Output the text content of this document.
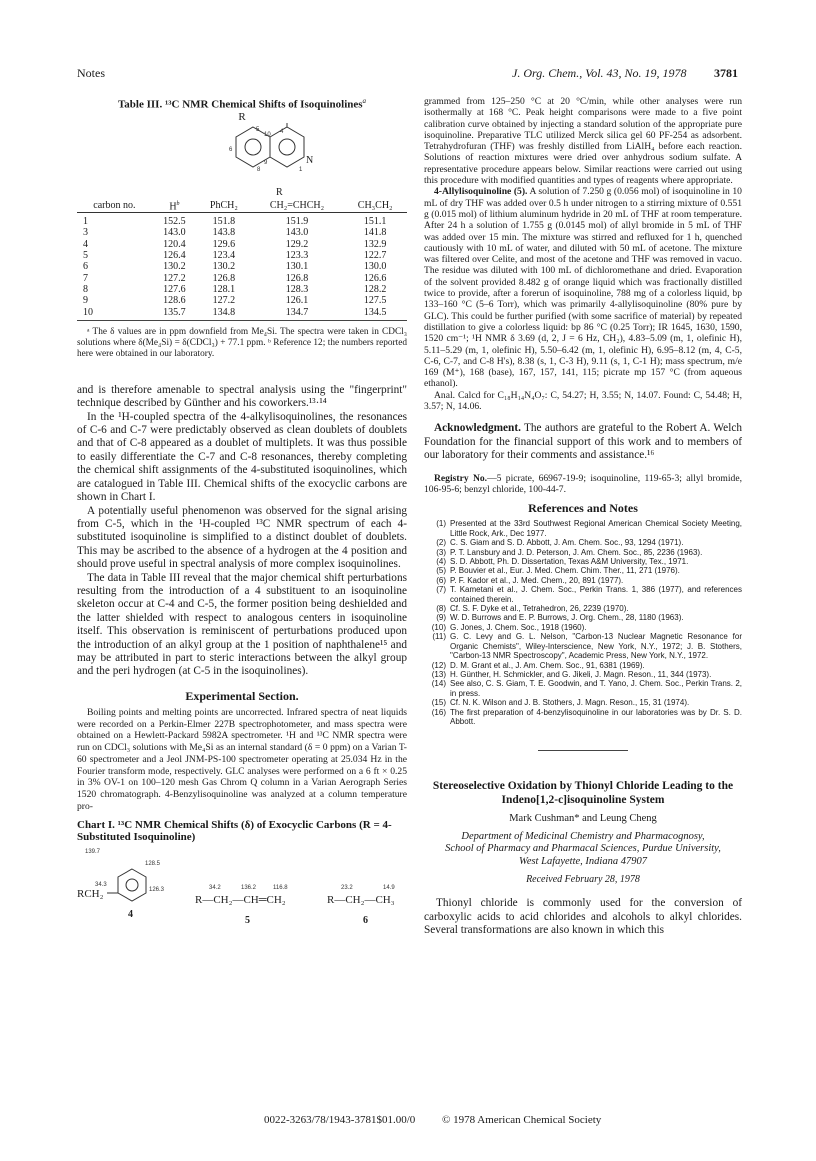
Notes	J. Org. Chem., Vol. 43, No. 19, 1978 3781
Table III. ¹³C NMR Chemical Shifts of Isoquinolines$^a$
R
4
5
6
8
10
9
1
N
	R			
carbon no.	$H^b$	PhCH₂	CH₂=CHCH₂	CH₃CH₂
1	152.5	151.8	151.9	151.1
3	143.0	143.8	143.0	141.8
4	120.4	129.6	129.2	132.9
5	126.4	123.4	123.3	122.7
6	130.2	130.2	130.1	130.0
7	127.2	126.8	126.8	126.6
8	127.6	128.1	128.3	128.2
9	128.6	127.2	126.1	127.5
10	135.7	134.8	134.7	134.5
ᵃ The δ values are in ppm downfield from Me₄Si. The spectra were taken in CDCl₃ solutions where δ(Me₄Si) = δ(CDCl₃) + 77.1 ppm. ᵇ Reference 12; the numbers reported here were obtained in our laboratory.

and is therefore amenable to spectral analysis using the "fingerprint" technique described by Günther and his coworkers.¹³·¹⁴

In the ¹H-coupled spectra of the 4-alkylisoquinolines, the resonances of C-6 and C-7 were predictably observed as clean doublets of doublets and that of C-8 appeared as a doublet of multiplets. It was thus possible to easily differentiate the C-7 and C-8 resonances, thereby completing the chemical shift assignments of the 4-substituted isoquinolines, which are catalogued in Table III. Chemical shifts of the exocyclic carbons are shown in Chart I.

A potentially useful phenomenon was observed for the signal arising from C-5, which in the ¹H-coupled ¹³C NMR spectrum of each 4-substituted isoquinoline is simplified to a distinct doublet of doublets. This may be ascribed to the absence of a hydrogen at the 4 position and should prove useful in spectral analysis of more complex isoquinolines.

The data in Table III reveal that the major chemical shift perturbations resulting from the introduction of a 4 substituent to an isoquinoline skeleton occur at C-4 and C-5, the former position being deshielded and the latter shielded with respect to analogous centers in isoquinoline itself. This observation is reminiscent of perturbations produced upon the introduction of an alkyl group at the 1 position of naphthalene¹⁵ and may be attributed in part to steric interactions between the alkyl group and the peri hydrogen (at C-5 in the isoquinolines).

Experimental Section.

Boiling points and melting points are uncorrected. Infrared spectra of neat liquids were recorded on a Perkin-Elmer 227B spectrophotometer, and mass spectra were obtained on a Hewlett-Packard 5982A spectrometer. ¹H and ¹³C NMR spectra were run on CDCl₃ solutions with Me₄Si as an internal standard (δ = 0 ppm) on a Varian T-60 spectrometer and a Jeol JNM-PS-100 spectrometer operating at 25.034 Hz in the Fourier transform mode, respectively. GLC analyses were performed on a 6 ft × 0.25 in 3% OV-1 on 100–120 mesh Gas Chrom Q column in a Varian Aerograph Series 1520 chromatograph. 4-Benzylisoquinoline was analyzed at a column temperature pro-

Chart I. ¹³C NMR Chemical Shifts (δ) of Exocyclic Carbons (R = 4-Substituted Isoquinoline)
139.7
128.5
34.3
126.3
RCH₂
4
34.2	136.2	116.8
R—CH₂—CH═CH₂
5
23.2	14.9
R—CH₂—CH₃
6

grammed from 125–250 °C at 20 °C/min, while other analyses were run isothermally at 168 °C. Peak height comparisons were made to a five point calibration curve obtained by injecting a standard solution of the appropriate pure isoquinoline. Preparative TLC utilized Merck silica gel 60 PF-254 as adsorbent. Tetrahydrofuran (THF) was freshly distilled from LiAlH₄ before each reaction. Solutions of reaction mixtures were dried over anhydrous sodium sulfate. A representative procedure appears below. Similar reactions were carried out using this procedure with modified quantities and types of reagents where appropriate.

4-Allylisoquinoline (5). A solution of 7.250 g (0.056 mol) of isoquinoline in 10 mL of dry THF was added over 0.5 h under nitrogen to a stirring mixture of 0.551 g (0.015 mol) of lithium aluminum hydride in 20 mL of THF at room temperature. After 24 h a solution of 1.755 g (0.0145 mol) of allyl bromide in 5 mL of THF was added over 15 min. The mixture was stirred and refluxed for 1 h, quenched cautiously with 10 mL of water, and diluted with 50 mL of acetone. The mixture was filtered over Celite, and most of the acetone and THF was removed in vacuo. The residue was diluted with 100 mL of dichloromethane and dried. Evaporation of the solvent provided 8.482 g of orange liquid which was fractionally distilled twice to provide, after a forerun of isoquinoline, 788 mg of a colorless liquid, bp 133–160 °C (5–6 Torr), which was primarily 4-allylisoquinoline (80% pure by GLC). This could be further purified (with some sacrifice of material) by repeated distillation to give a colorless liquid: bp 86 °C (0.25 Torr); IR 1645, 1630, 1590, 1520 cm⁻¹; ¹H NMR δ 3.69 (d, 2, J = 6 Hz, CH₂), 4.83–5.09 (m, 1, olefinic H), 5.11–5.29 (m, 1, olefinic H), 5.50–6.42 (m, 1, olefinic H), 6.95–8.12 (m, 4, C-5, C-6, C-7, and C-8 H's), 8.38 (s, 1, C-3 H), 9.11 (s, 1, C-1 H); mass spectrum, m/e 169 (M⁺), 168 (base), 167, 157, 141, 115; picrate mp 157 °C (from aqueous ethanol).

Anal. Calcd for C₁₈H₁₄N₄O₇: C, 54.27; H, 3.55; N, 14.07. Found: C, 54.48; H, 3.57; N, 14.06.

Acknowledgment. The authors are grateful to the Robert A. Welch Foundation for the financial support of this work and to members of our laboratory for their comments and assistance.¹⁶

Registry No.—5 picrate, 66967-19-9; isoquinoline, 119-65-3; allyl bromide, 106-95-6; benzyl chloride, 100-44-7.

References and Notes
(1) Presented at the 33rd Southwest Regional American Chemical Society Meeting, Little Rock, Ark., Dec 1977.
(2) C. S. Giam and S. D. Abbott, J. Am. Chem. Soc., 93, 1294 (1971).
(3) P. T. Lansbury and J. D. Peterson, J. Am. Chem. Soc., 85, 2236 (1963).
(4) S. D. Abbott, Ph. D. Dissertation, Texas A&M University, Tex., 1971.
(5) P. Bouvier et al., Eur. J. Med. Chem. Chim. Ther., 11, 271 (1976).
(6) P. F. Kador et al., J. Med. Chem., 20, 891 (1977).
(7) T. Kametani et al., J. Chem. Soc., Perkin Trans. 1, 386 (1977), and references contained therein.
(8) Cf. S. F. Dyke et al., Tetrahedron, 26, 2239 (1970).
(9) W. D. Burrows and E. P. Burrows, J. Org. Chem., 28, 1180 (1963).
(10) G. Jones, J. Chem. Soc., 1918 (1960).
(11) G. C. Levy and G. L. Nelson, "Carbon-13 Nuclear Magnetic Resonance for Organic Chemists", Wiley-Interscience, New York, N.Y., 1972; J. B. Stothers, "Carbon-13 NMR Spectroscopy", Academic Press, New York, N.Y., 1972.
(12) D. M. Grant et al., J. Am. Chem. Soc., 91, 6381 (1969).
(13) H. Günther, H. Schmickler, and G. Jikeli, J. Magn. Reson., 11, 344 (1973).
(14) See also, C. S. Giam, T. E. Goodwin, and T. Yano, J. Chem. Soc., Perkin Trans. 2, in press.
(15) Cf. N. K. Wilson and J. B. Stothers, J. Magn. Reson., 15, 31 (1974).
(16) The first preparation of 4-benzylisoquinoline in our laboratories was by Dr. S. D. Abbott.
Stereoselective Oxidation by Thionyl Chloride Leading to the Indeno[1,2-c]isoquinoline System
Mark Cushman* and Leung Cheng
Department of Medicinal Chemistry and Pharmacognosy,
School of Pharmacy and Pharmacal Sciences, Purdue University,
West Lafayette, Indiana 47907
Received February 28, 1978

Thionyl chloride is commonly used for the conversion of carboxylic acids to acid chlorides and alcohols to alkyl chlorides. Several transformations are also known in which this

0022-3263/78/1943-3781$01.00/0 © 1978 American Chemical Society
